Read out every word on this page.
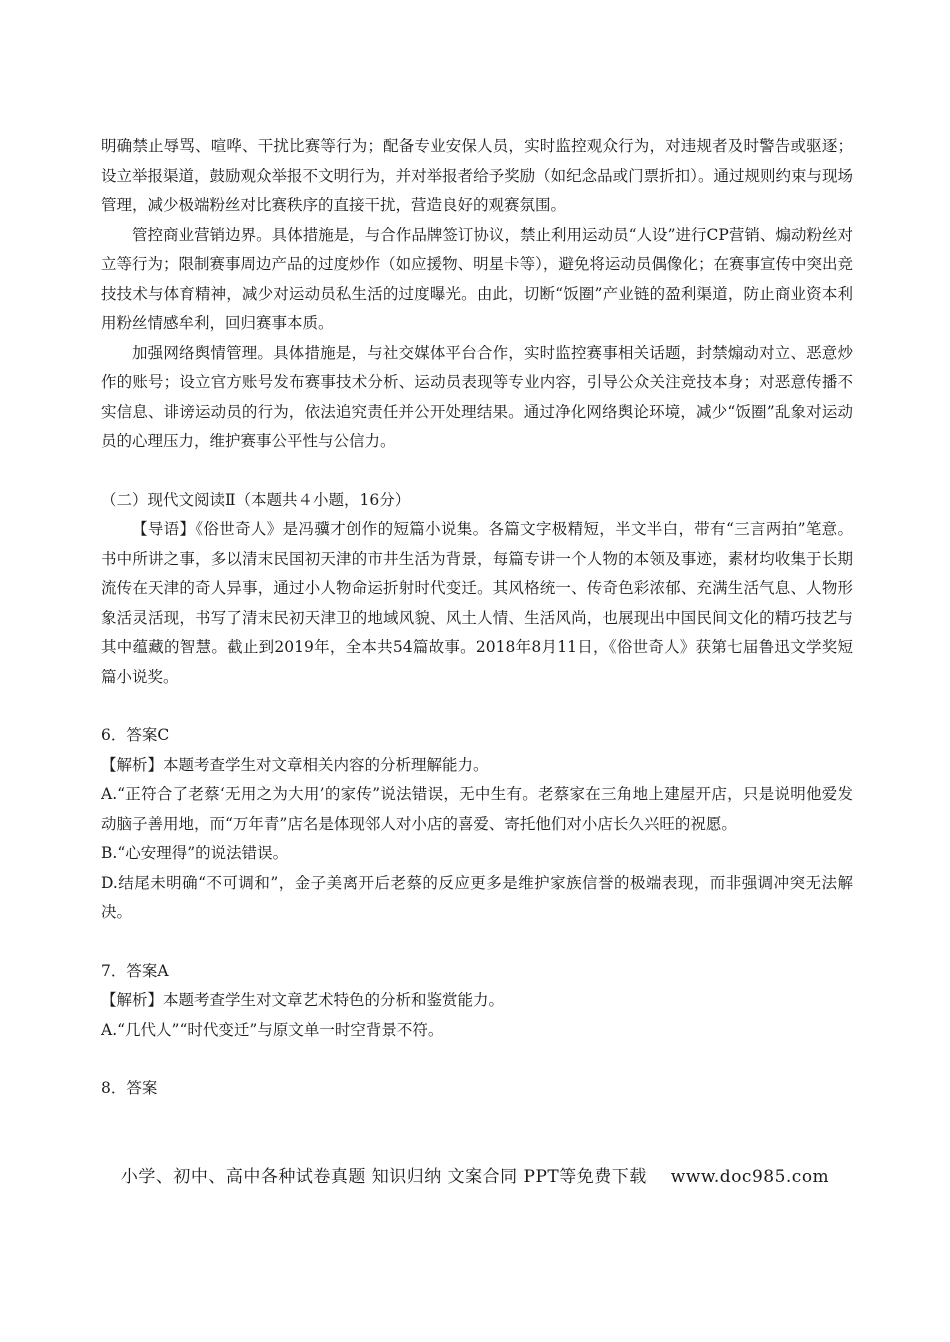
明确禁止辱骂、喧哗、干扰比赛等行为；配备专业安保人员，实时监控观众行为，对违规者及时警告或驱逐；设立举报渠道，鼓励观众举报不文明行为，并对举报者给予奖励（如纪念品或门票折扣）。通过规则约束与现场管理，减少极端粉丝对比赛秩序的直接干扰，营造良好的观赛氛围。

管控商业营销边界。具体措施是，与合作品牌签订协议，禁止利用运动员“人设”进行CP营销、煽动粉丝对立等行为；限制赛事周边产品的过度炒作（如应援物、明星卡等），避免将运动员偶像化；在赛事宣传中突出竞技技术与体育精神，减少对运动员私生活的过度曝光。由此，切断“饭圈”产业链的盈利渠道，防止商业资本利用粉丝情感牟利，回归赛事本质。

加强网络舆情管理。具体措施是，与社交媒体平台合作，实时监控赛事相关话题，封禁煽动对立、恶意炒作的账号；设立官方账号发布赛事技术分析、运动员表现等专业内容，引导公众关注竞技本身；对恶意传播不实信息、诽谤运动员的行为，依法追究责任并公开处理结果。通过净化网络舆论环境，减少“饭圈”乱象对运动员的心理压力，维护赛事公平性与公信力。

（二）现代文阅读Ⅱ（本题共４小题，16分）

【导语】《俗世奇人》是冯骥才创作的短篇小说集。各篇文字极精短，半文半白，带有“三言两拍”笔意。书中所讲之事，多以清末民国初天津的市井生活为背景，每篇专讲一个人物的本领及事迹，素材均收集于长期流传在天津的奇人异事，通过小人物命运折射时代变迁。其风格统一、传奇色彩浓郁、充满生活气息、人物形象活灵活现，书写了清末民初天津卫的地域风貌、风土人情、生活风尚，也展现出中国民间文化的精巧技艺与其中蕴藏的智慧。截止到2019年，全本共54篇故事。2018年8月11日，《俗世奇人》获第七届鲁迅文学奖短篇小说奖。

6．答案C

【解析】本题考查学生对文章相关内容的分析理解能力。

A.“正符合了老蔡‘无用之为大用’的家传”说法错误，无中生有。老蔡家在三角地上建屋开店，只是说明他爱发动脑子善用地，而“万年青”店名是体现邻人对小店的喜爱、寄托他们对小店长久兴旺的祝愿。

B.“心安理得”的说法错误。

D.结尾未明确“不可调和”，金子美离开后老蔡的反应更多是维护家族信誉的极端表现，而非强调冲突无法解决。

7．答案A

【解析】本题考查学生对文章艺术特色的分析和鉴赏能力。

A.“几代人”“时代变迁”与原文单一时空背景不符。

8．答案

小学、初中、高中各种试卷真题 知识归纳 文案合同 PPT等免费下载 www.doc985.com
